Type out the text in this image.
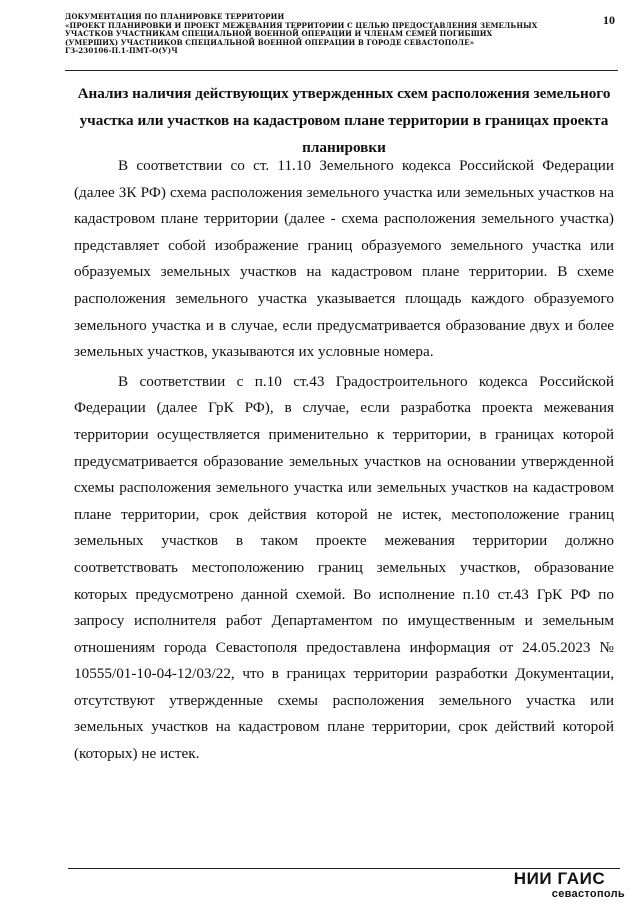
ДОКУМЕНТАЦИЯ ПО ПЛАНИРОВКЕ ТЕРРИТОРИИ
«ПРОЕКТ ПЛАНИРОВКИ И ПРОЕКТ МЕЖЕВАНИЯ ТЕРРИТОРИИ С ЦЕЛЬЮ ПРЕДОСТАВЛЕНИЯ ЗЕМЕЛЬНЫХ
УЧАСТКОВ УЧАСТНИКАМ СПЕЦИАЛЬНОЙ ВОЕННОЙ ОПЕРАЦИИ И ЧЛЕНАМ СЕМЕЙ ПОГИБШИХ
(УМЕРШИХ) УЧАСТНИКОВ СПЕЦИАЛЬНОЙ ВОЕННОЙ ОПЕРАЦИИ В ГОРОДЕ СЕВАСТОПОЛЕ»
ГЗ-230106-П.1-ПМТ-О(У)Ч
10
Анализ наличия действующих утвержденных схем расположения земельного участка или участков на кадастровом плане территории в границах проекта планировки

В соответствии со ст. 11.10 Земельного кодекса Российской Федерации (далее ЗК РФ) схема расположения земельного участка или земельных участков на кадастровом плане территории (далее - схема расположения земельного участка) представляет собой изображение границ образуемого земельного участка или образуемых земельных участков на кадастровом плане территории. В схеме расположения земельного участка указывается площадь каждого образуемого земельного участка и в случае, если предусматривается образование двух и более земельных участков, указываются их условные номера.

В соответствии с п.10 ст.43 Градостроительного кодекса Российской Федерации (далее ГрК РФ), в случае, если разработка проекта межевания территории осуществляется применительно к территории, в границах которой предусматривается образование земельных участков на основании утвержденной схемы расположения земельного участка или земельных участков на кадастровом плане территории, срок действия которой не истек, местоположение границ земельных участков в таком проекте межевания территории должно соответствовать местоположению границ земельных участков, образование которых предусмотрено данной схемой. Во исполнение п.10 ст.43 ГрК РФ по запросу исполнителя работ Департаментом по имущественным и земельным отношениям города Севастополя предоставлена информация от 24.05.2023 № 10555/01-10-04-12/03/22, что в границах территории разработки Документации, отсутствуют утвержденные схемы расположения земельного участка или земельных участков на кадастровом плане территории, срок действий которой (которых) не истек.

НИИ ГАИС
севастополь
